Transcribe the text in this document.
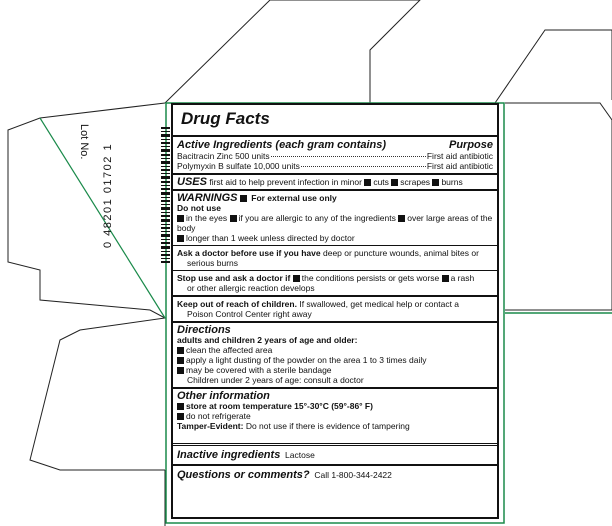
Lot No.
0 48201 01702 1
Drug Facts
Active Ingredients (each gram contains)	Purpose
Bacitracin Zinc 500 units	First aid antibiotic
Polymyxin B sulfate 10,000 units	First aid antibiotic
USES first aid to help prevent infection in minor cuts scrapes burns
WARNINGS For external use only
Do not use
in the eyes if you are allergic to any of the ingredients over large areas of the body
longer than 1 week unless directed by doctor
Ask a doctor before use if you have deep or puncture wounds, animal bites or
serious burns
Stop use and ask a doctor if the conditions persists or gets worse a rash
or other allergic reaction develops
Keep out of reach of children. If swallowed, get medical help or contact a
Poison Control Center right away
Directions
adults and children 2 years of age and older:
clean the affected area
apply a light dusting of the powder on the area 1 to 3 times daily
may be covered with a sterile bandage
Children under 2 years of age: consult a doctor
Other information
store at room temperature 15°-30°C (59°-86° F)
do not refrigerate
Tamper-Evident: Do not use if there is evidence of tampering
Inactive ingredients Lactose
Questions or comments? Call 1-800-344-2422
